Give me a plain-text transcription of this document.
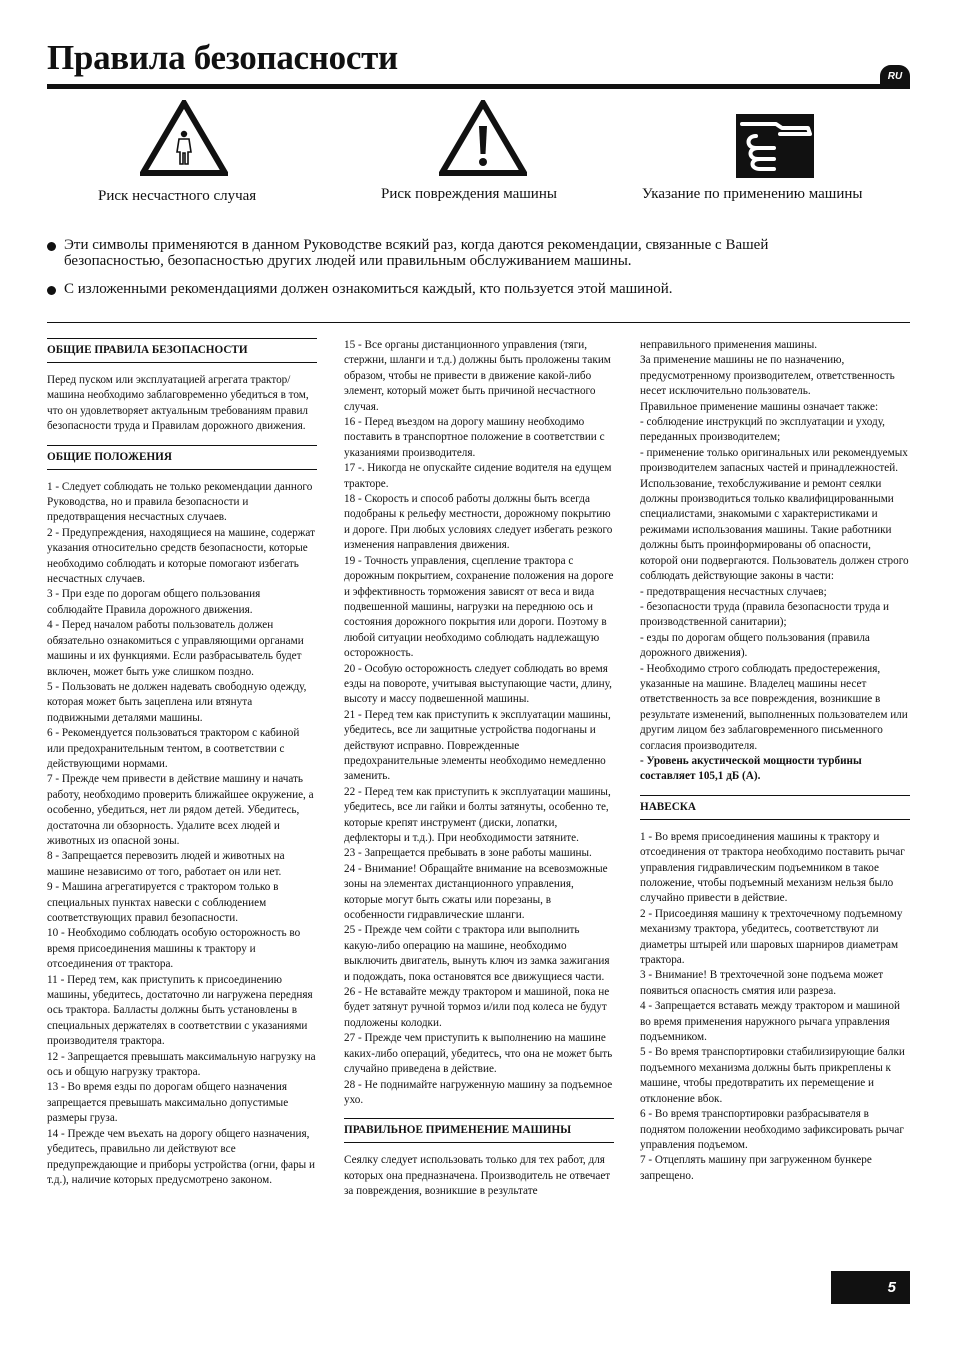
Правила безопасности	RU
Риск несчастного случая	Риск повреждения машины	Указание по применению машины
Эти символы применяются в данном Руководстве всякий раз, когда даются рекомендации, связанные с Вашей безопасностью, безопасностью других людей или правильным обслуживанием машины.
С изложенными рекомендациями должен ознакомиться каждый, кто пользуется этой машиной.
ОБЩИЕ ПРАВИЛА БЕЗОПАСНОСТИ

Перед пуском или эксплуатацией агрегата трактор/ машина необходимо заблаговременно убедиться в том, что он удовлетворяет актуальным требованиям правил безопасности труда и Правилам дорожного движения.

ОБЩИЕ ПОЛОЖЕНИЯ

1 - Следует соблюдать не только рекомендации данного Руководства, но и правила безопасности и предотвращения несчастных случаев.

2 - Предупреждения, находящиеся на машине, содержат указания относительно средств безопасности, которые необходимо соблюдать и которые помогают избегать несчастных случаев.

3 - При езде по дорогам общего пользования соблюдайте Правила дорожного движения.

4 - Перед началом работы пользователь должен обязательно ознакомиться с управляющими органами машины и их функциями. Если разбрасыватель будет включен, может быть уже слишком поздно.

5 - Пользовать не должен надевать свободную одежду, которая может быть зацеплена или втянута подвижными деталями машины.

6 - Рекомендуется пользоваться трактором с кабиной или предохранительным тентом, в соответствии с действующими нормами.

7 - Прежде чем привести в действие машину и начать работу, необходимо проверить ближайшее окружение, а особенно, убедиться, нет ли рядом детей. Убедитесь, достаточна ли обзорность. Удалите всех людей и животных из опасной зоны.

8 - Запрещается перевозить людей и животных на машине независимо от того, работает он или нет.

9 - Машина агрегатируется с трактором только в специальных пунктах навески с соблюдением соответствующих правил безопасности.

10 - Необходимо соблюдать особую осторожность во время присоединения машины к трактору и отсоединения от трактора.

11 - Перед тем, как приступить к присоединению машины, убедитесь, достаточно ли нагружена передняя ось трактора. Балласты должны быть установлены в специальных держателях в соответствии с указаниями производителя трактора.

12 - Запрещается превышать максимальную нагрузку на ось и общую нагрузку трактора.

13 - Во время езды по дорогам общего назначения запрещается превышать максимально допустимые размеры груза.

14 - Прежде чем въехать на дорогу общего назначения, убедитесь, правильно ли действуют все предупреждающие и приборы устройства (огни, фары и т.д.), наличие которых предусмотрено законом.

15 - Все органы дистанционного управления (тяги, стержни, шланги и т.д.) должны быть проложены таким образом, чтобы не привести в движение какой-либо элемент, который может быть причиной несчастного случая.

16 - Перед въездом на дорогу машину необходимо поставить в транспортное положение в соответствии с указаниями производителя.

17 -. Никогда не опускайте сидение водителя на едущем тракторе.

18 - Скорость и способ работы должны быть всегда подобраны к рельефу местности, дорожному покрытию и дороге. При любых условиях следует избегать резкого изменения направления движения.

19 - Точность управления, сцепление трактора с дорожным покрытием, сохранение положения на дороге и эффективность торможения зависят от веса и вида подвешенной машины, нагрузки на переднюю ось и состояния дорожного покрытия или дороги. Поэтому в любой ситуации необходимо соблюдать надлежащую осторожность.

20 - Особую осторожность следует соблюдать во время езды на повороте, учитывая выступающие части, длину, высоту и массу подвешенной машины.

21 - Перед тем как приступить к эксплуатации машины, убедитесь, все ли защитные устройства подогнаны и действуют исправно. Поврежденные предохранительные элементы необходимо немедленно заменить.

22 - Перед тем как приступить к эксплуатации машины, убедитесь, все ли гайки и болты затянуты, особенно те, которые крепят инструмент (диски, лопатки, дефлекторы и т.д.). При необходимости затяните.

23 - Запрещается пребывать в зоне работы машины.

24 - Внимание! Обращайте внимание на всевозможные зоны на элементах дистанционного управления, которые могут быть сжаты или порезаны, в особенности гидравлические шланги.

25 - Прежде чем сойти с трактора или выполнить какую-либо операцию на машине, необходимо выключить двигатель, вынуть ключ из замка зажигания и подождать, пока остановятся все движущиеся части.

26 - Не вставайте между трактором и машиной, пока не будет затянут ручной тормоз и/или под колеса не будут подложены колодки.

27 - Прежде чем приступить к выполнению на машине каких-либо операций, убедитесь, что она не может быть случайно приведена в действие.

28 - Не поднимайте нагруженную машину за подъемное ухо.

ПРАВИЛЬНОЕ ПРИМЕНЕНИЕ МАШИНЫ

Сеялку следует использовать только для тех работ, для которых она предназначена. Производитель не отвечает за повреждения, возникшие в результате

неправильного применения машины.

За применение машины не по назначению, предусмотренному производителем, ответственность несет исключительно пользователь.

Правильное применение машины означает также:

- соблюдение инструкций по эксплуатации и уходу, переданных производителем;

- применение только оригинальных или рекомендуемых производителем запасных частей и принадлежностей.

Использование, техобслуживание и ремонт сеялки должны производиться только квалифицированными специалистами, знакомыми с характеристиками и режимами использования машины. Такие работники должны быть проинформированы об опасности, которой они подвергаются. Пользователь должен строго соблюдать действующие законы в части:

- предотвращения несчастных случаев;

- безопасности труда (правила безопасности труда и производственной санитарии);

- езды по дорогам общего пользования (правила дорожного движения).

- Необходимо строго соблюдать предостережения, указанные на машине. Владелец машины несет ответственность за все повреждения, возникшие в результате изменений, выполненных пользователем или другим лицом без заблаговременного письменного согласия производителя.

- Уровень акустической мощности турбины составляет 105,1 дБ (А).

НАВЕСКА

1 - Во время присоединения машины к трактору и отсоединения от трактора необходимо поставить рычаг управления гидравлическим подъемником в такое положение, чтобы подъемный механизм нельзя было случайно привести в действие.

2 - Присоединяя машину к трехточечному подъемному механизму трактора, убедитесь, соответствуют ли диаметры штырей или шаровых шарниров диаметрам трактора.

3 - Внимание! В трехточечной зоне подъема может появиться опасность смятия или разреза.

4 - Запрещается вставать между трактором и машиной во время применения наружного рычага управления подъемником.

5 - Во время транспортировки стабилизирующие балки подъемного механизма должны быть прикреплены к машине, чтобы предотвратить их перемещение и отклонение вбок.

6 - Во время транспортировки разбрасывателя в поднятом положении необходимо зафиксировать рычаг управления подъемом.

7 - Отцеплять машину при загруженном бункере запрещено.

5
